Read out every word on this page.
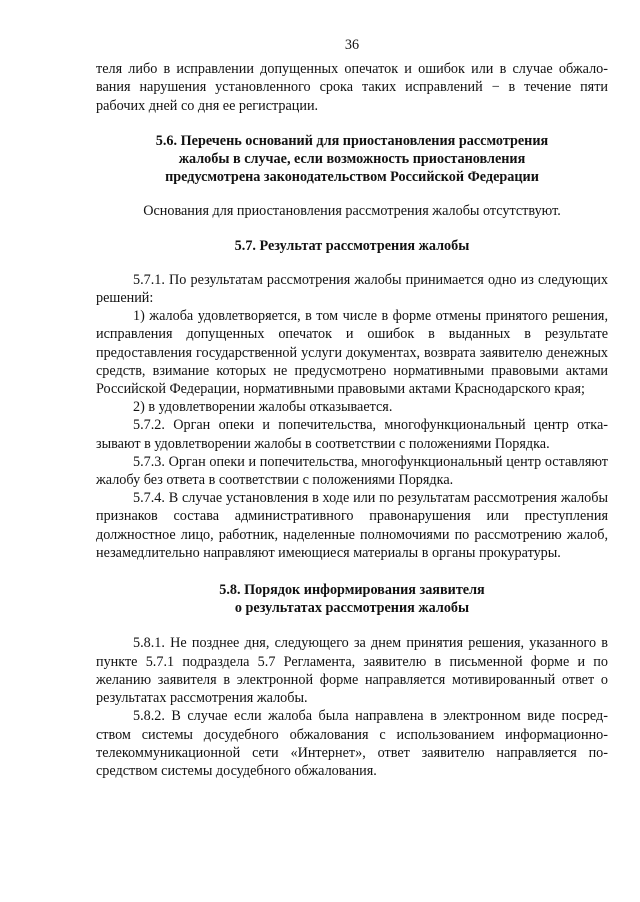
36

теля либо в исправлении допущенных опечаток и ошибок или в случае обжалования нарушения установленного срока таких исправлений − в течение пяти рабочих дней со дня ее регистрации.

5.6. Перечень оснований для приостановления рассмотрения
жалобы в случае, если возможность приостановления
предусмотрена законодательством Российской Федерации

Основания для приостановления рассмотрения жалобы отсутствуют.

5.7. Результат рассмотрения жалобы

5.7.1. По результатам рассмотрения жалобы принимается одно из следующих решений:

1) жалоба удовлетворяется, в том числе в форме отмены принятого решения, исправления допущенных опечаток и ошибок в выданных в результате предоставления государственной услуги документах, возврата заявителю денежных средств, взимание которых не предусмотрено нормативными правовыми актами Российской Федерации, нормативными правовыми актами Краснодарского края;

2) в удовлетворении жалобы отказывается.

5.7.2. Орган опеки и попечительства, многофункциональный центр отказывают в удовлетворении жалобы в соответствии с положениями Порядка.

5.7.3. Орган опеки и попечительства, многофункциональный центр оставляют жалобу без ответа в соответствии с положениями Порядка.

5.7.4. В случае установления в ходе или по результатам рассмотрения жалобы признаков состава административного правонарушения или преступления должностное лицо, работник, наделенные полномочиями по рассмотрению жалоб, незамедлительно направляют имеющиеся материалы в органы прокуратуры.

5.8. Порядок информирования заявителя
о результатах рассмотрения жалобы

5.8.1. Не позднее дня, следующего за днем принятия решения, указанного в пункте 5.7.1 подраздела 5.7 Регламента, заявителю в письменной форме и по желанию заявителя в электронной форме направляется мотивированный ответ о результатах рассмотрения жалобы.

5.8.2. В случае если жалоба была направлена в электронном виде посредством системы досудебного обжалования с использованием информационнотелекоммуникационной сети «Интернет», ответ заявителю направляется посредством системы досудебного обжалования.
